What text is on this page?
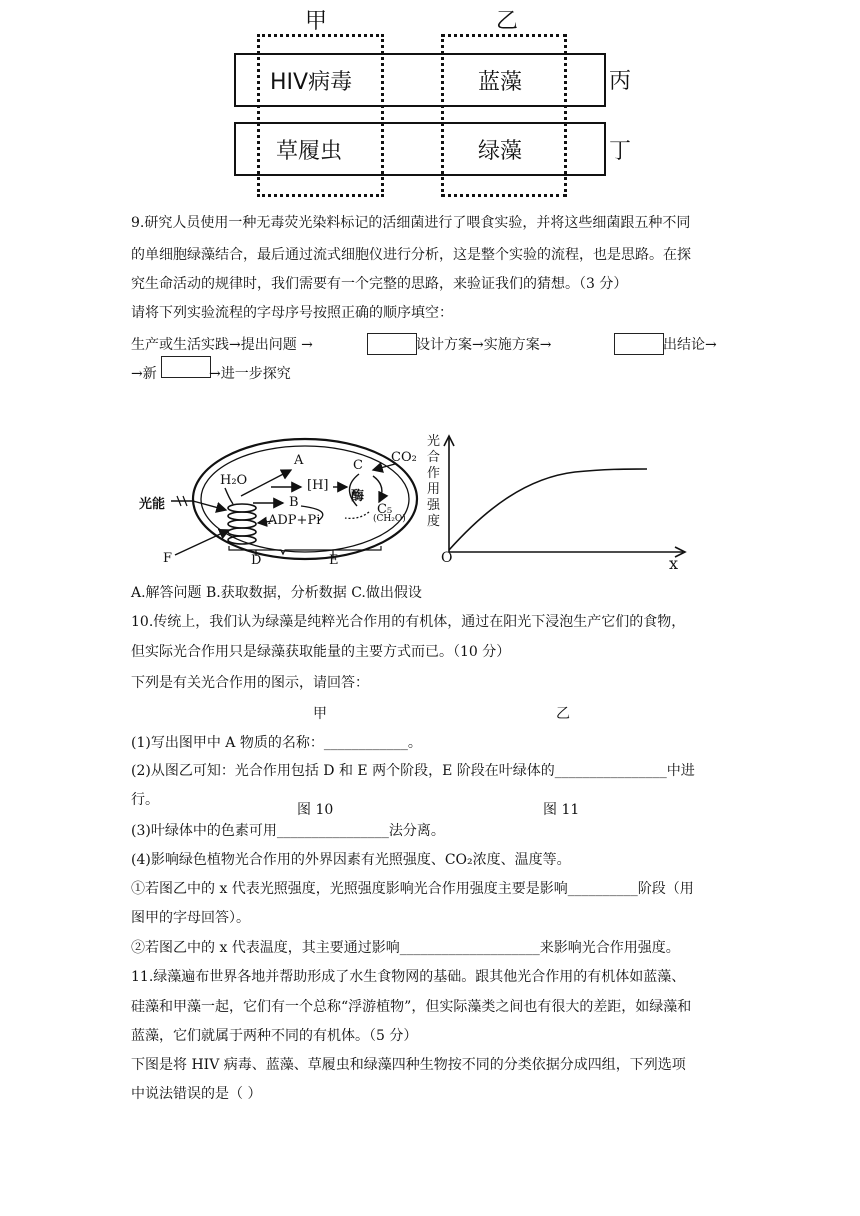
甲	乙
HIV病毒	蓝藻
草履虫	绿藻
丙
丁
9.研究人员使用一种无毒荧光染料标记的活细菌进行了喂食实验，并将这些细菌跟五种不同
的单细胞绿藻结合，最后通过流式细胞仪进行分析，这是整个实验的流程，也是思路。在探
究生命活动的规律时，我们需要有一个完整的思路，来验证我们的猜想。（3 分）
请将下列实验流程的字母序号按照正确的顺序填空：
生产或生活实践→提出问题 →	设计方案→实施方案→	出结论→
→新	→进一步探究
光能
H₂O
A
[H]
B
ADP+Pi
C
CO₂
酶
C₅
(CH₂O)
F	D	E
光合作用强度
O	x
A.解答问题 B.获取数据，分析数据 C.做出假设
10.传统上，我们认为绿藻是纯粹光合作用的有机体，通过在阳光下浸泡生产它们的食物，
但实际光合作用只是绿藻获取能量的主要方式而已。（10 分）
下列是有关光合作用的图示，请回答：
甲	乙
(1)写出图甲中 A 物质的名称：____________。
(2)从图乙可知：光合作用包括 D 和 E 两个阶段，E 阶段在叶绿体的________________中进
行。
图 10	图 11
(3)叶绿体中的色素可用________________法分离。
(4)影响绿色植物光合作用的外界因素有光照强度、CO₂浓度、温度等。
①若图乙中的 x 代表光照强度，光照强度影响光合作用强度主要是影响__________阶段（用
图甲的字母回答）。
②若图乙中的 x 代表温度，其主要通过影响____________________来影响光合作用强度。
11.绿藻遍布世界各地并帮助形成了水生食物网的基础。跟其他光合作用的有机体如蓝藻、
硅藻和甲藻一起，它们有一个总称“浮游植物”，但实际藻类之间也有很大的差距，如绿藻和
蓝藻，它们就属于两种不同的有机体。（5 分）
下图是将 HIV 病毒、蓝藻、草履虫和绿藻四种生物按不同的分类依据分成四组，下列选项
中说法错误的是（ ）
